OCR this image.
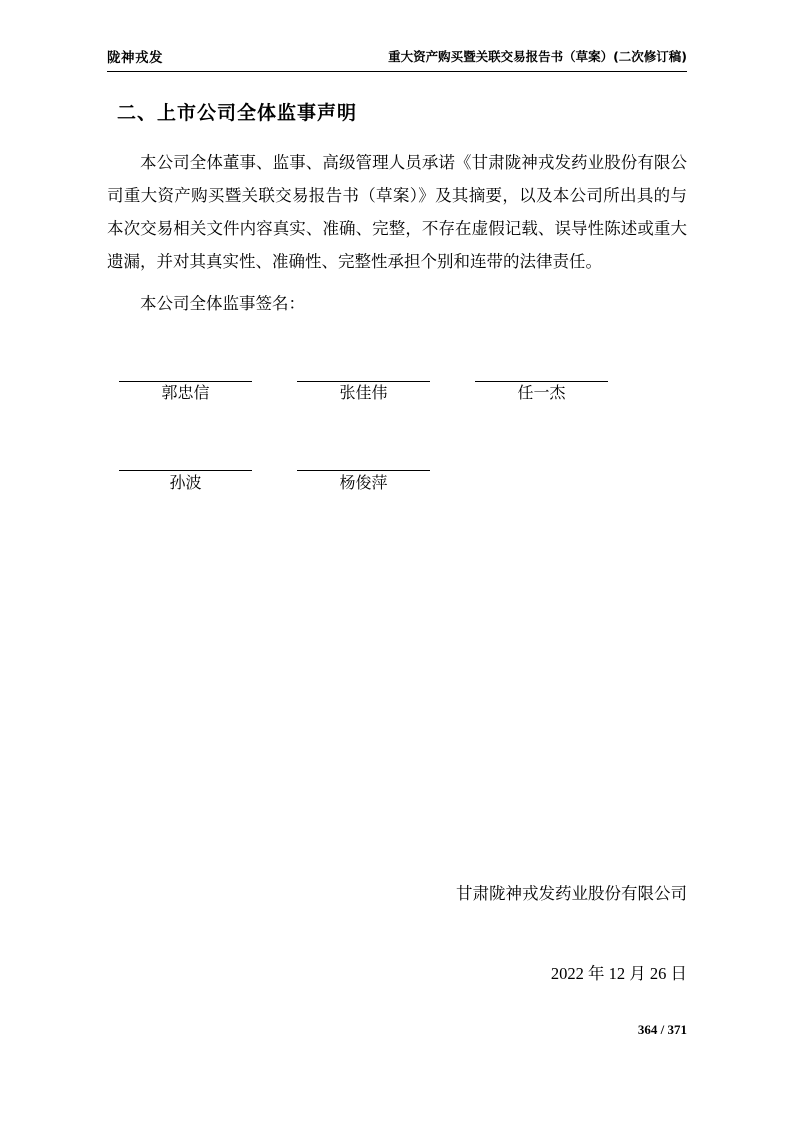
陇神戎发	重大资产购买暨关联交易报告书（草案）(二次修订稿)
二、上市公司全体监事声明
本公司全体董事、监事、高级管理人员承诺《甘肃陇神戎发药业股份有限公司重大资产购买暨关联交易报告书（草案）》及其摘要，以及本公司所出具的与本次交易相关文件内容真实、准确、完整，不存在虚假记载、误导性陈述或重大遗漏，并对其真实性、准确性、完整性承担个别和连带的法律责任。
本公司全体监事签名：
郭忠信	张佳伟	任一杰
孙波	杨俊萍
甘肃陇神戎发药业股份有限公司
2022 年 12 月 26 日
364 / 371
